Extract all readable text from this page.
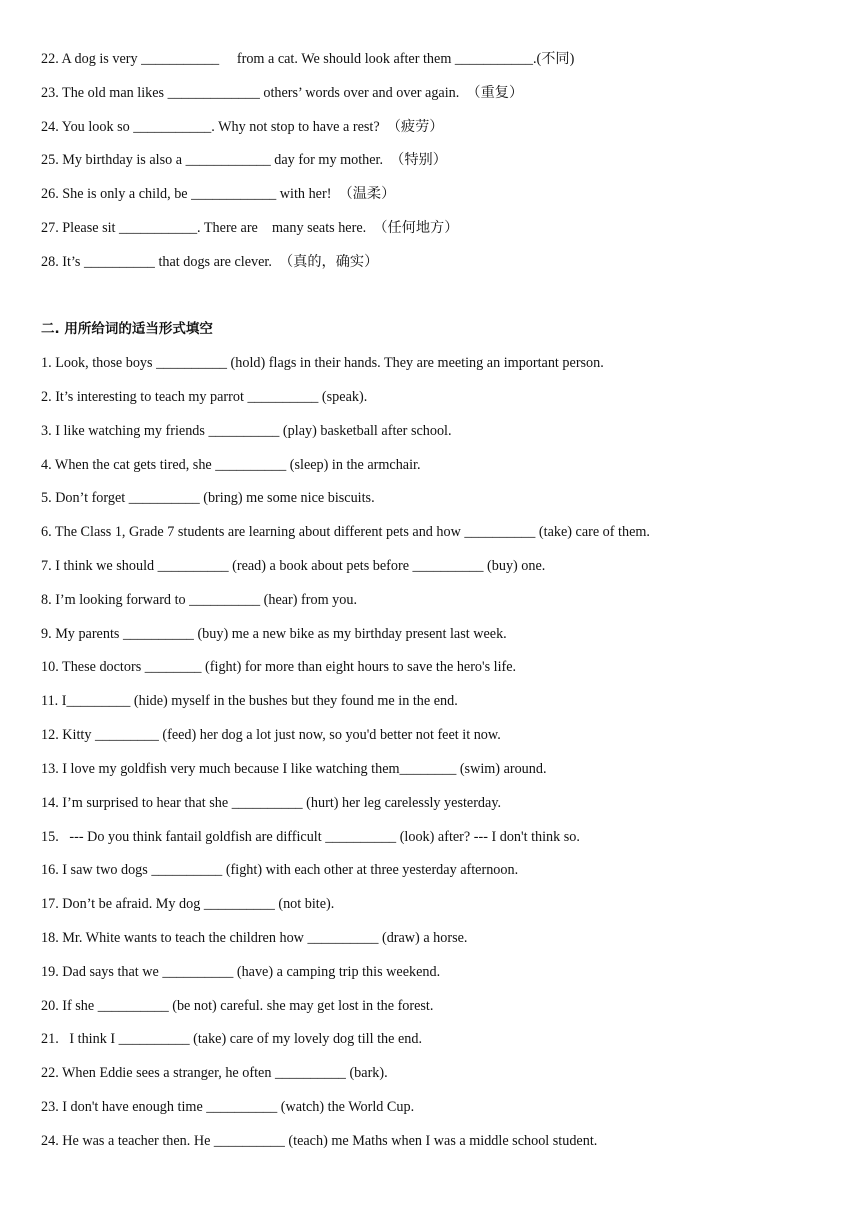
22. A dog is very ___________     from a cat. We should look after them ___________.(不同)
23. The old man likes _____________ others’ words over and over again.  （重复）
24. You look so ___________. Why not stop to have a rest?  （疲劳）
25. My birthday is also a ____________ day for my mother.  （特别）
26. She is only a child, be ____________ with her!  （温柔）
27. Please sit ___________. There are    many seats here.  （任何地方）
28. It’s __________ that dogs are clever.  （真的，确实）
二. 用所给词的适当形式填空
1. Look, those boys __________ (hold) flags in their hands. They are meeting an important person.
2. It’s interesting to teach my parrot __________ (speak).
3. I like watching my friends __________ (play) basketball after school.
4. When the cat gets tired, she __________ (sleep) in the armchair.
5. Don’t forget __________ (bring) me some nice biscuits.
6. The Class 1, Grade 7 students are learning about different pets and how __________ (take) care of them.
7. I think we should __________ (read) a book about pets before __________ (buy) one.
8. I’m looking forward to __________ (hear) from you.
9. My parents __________ (buy) me a new bike as my birthday present last week.
10. These doctors ________ (fight) for more than eight hours to save the hero's life.
11. I_________ (hide) myself in the bushes but they found me in the end.
12. Kitty _________ (feed) her dog a lot just now, so you'd better not feet it now.
13. I love my goldfish very much because I like watching them________ (swim) around.
14. I’m surprised to hear that she __________ (hurt) her leg carelessly yesterday.
15.   --- Do you think fantail goldfish are difficult __________ (look) after? --- I don't think so.
16. I saw two dogs __________ (fight) with each other at three yesterday afternoon.
17. Don’t be afraid. My dog __________ (not bite).
18. Mr. White wants to teach the children how __________ (draw) a horse.
19. Dad says that we __________ (have) a camping trip this weekend.
20. If she __________ (be not) careful. she may get lost in the forest.
21.   I think I __________ (take) care of my lovely dog till the end.
22. When Eddie sees a stranger, he often __________ (bark).
23. I don't have enough time __________ (watch) the World Cup.
24. He was a teacher then. He __________ (teach) me Maths when I was a middle school student.
